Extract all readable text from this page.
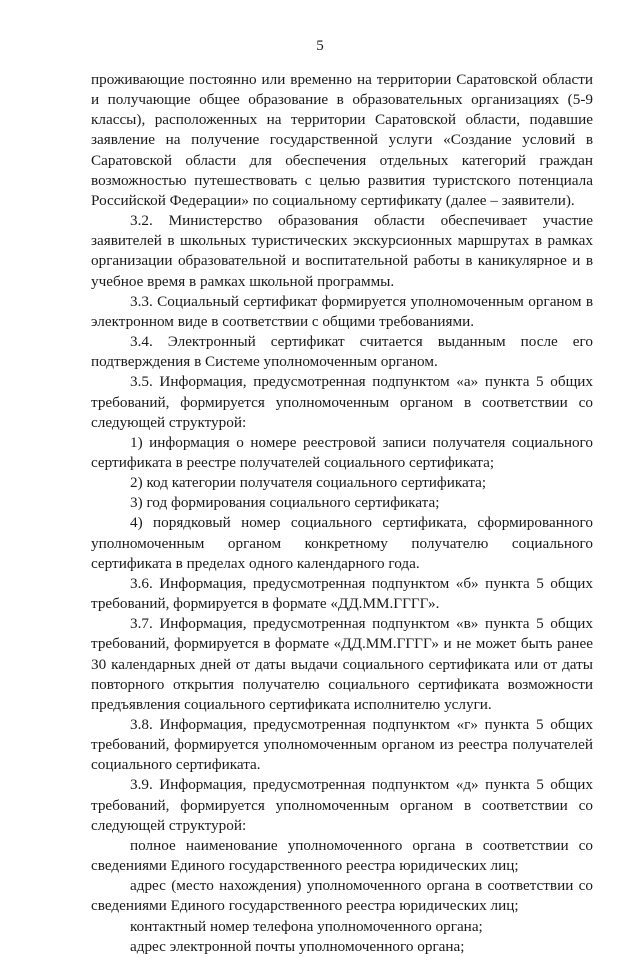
5

проживающие постоянно или временно на территории Саратовской области и получающие общее образование в образовательных организациях (5-9 классы), расположенных на территории Саратовской области, подавшие заявление на получение государственной услуги «Создание условий в Саратовской области для обеспечения отдельных категорий граждан возможностью путешествовать с целью развития туристского потенциала Российской Федерации» по социальному сертификату (далее – заявители).

3.2. Министерство образования области обеспечивает участие заявителей в школьных туристических экскурсионных маршрутах в рамках организации образовательной и воспитательной работы в каникулярное и в учебное время в рамках школьной программы.

3.3. Социальный сертификат формируется уполномоченным органом в электронном виде в соответствии с общими требованиями.

3.4. Электронный сертификат считается выданным после его подтверждения в Системе уполномоченным органом.

3.5. Информация, предусмотренная подпунктом «а» пункта 5 общих требований, формируется уполномоченным органом в соответствии со следующей структурой:

1) информация о номере реестровой записи получателя социального сертификата в реестре получателей социального сертификата;

2) код категории получателя социального сертификата;

3) год формирования социального сертификата;

4) порядковый номер социального сертификата, сформированного уполномоченным органом конкретному получателю социального сертификата в пределах одного календарного года.

3.6. Информация, предусмотренная подпунктом «б» пункта 5 общих требований, формируется в формате «ДД.ММ.ГГГГ».

3.7. Информация, предусмотренная подпунктом «в» пункта 5 общих требований, формируется в формате «ДД.ММ.ГГГГ» и не может быть ранее 30 календарных дней от даты выдачи социального сертификата или от даты повторного открытия получателю социального сертификата возможности предъявления социального сертификата исполнителю услуги.

3.8. Информация, предусмотренная подпунктом «г» пункта 5 общих требований, формируется уполномоченным органом из реестра получателей социального сертификата.

3.9. Информация, предусмотренная подпунктом «д» пункта 5 общих требований, формируется уполномоченным органом в соответствии со следующей структурой:

полное наименование уполномоченного органа в соответствии со сведениями Единого государственного реестра юридических лиц;

адрес (место нахождения) уполномоченного органа в соответствии со сведениями Единого государственного реестра юридических лиц;

контактный номер телефона уполномоченного органа;

адрес электронной почты уполномоченного органа;
